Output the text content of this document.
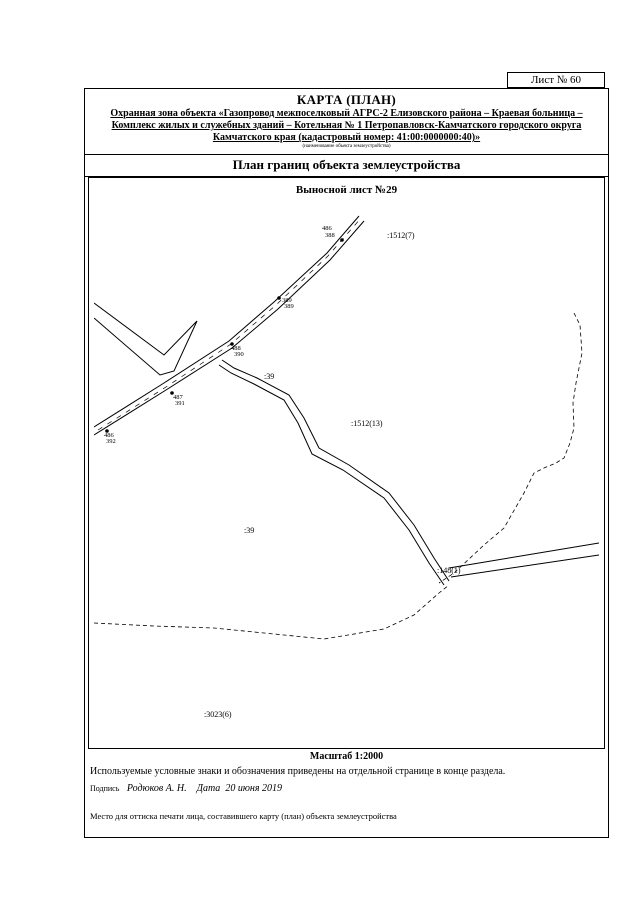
Лист № 60
КАРТА (ПЛАН)
Охранная зона объекта «Газопровод межпоселковый АГРС-2 Елизовского района – Краевая больница – Комплекс жилых и служебных зданий – Котельная № 1 Петропавловск-Камчатского городского округа Камчатского края (кадастровый номер: 41:00:0000000:40)»
(наименование объекта землеустройства)
План границ объекта землеустройства
Выносной лист №29
486
388
389
389
488
390
487
391
486
392
:1512(7)
:1512(13)
:148(1)
:3023(6)
:39
:39
Масштаб 1:2000
Используемые условные знаки и обозначения приведены на отдельной странице в конце раздела.
Подпись Родюков А. Н. Дата 20 июня 2019
Место для оттиска печати лица, составившего карту (план) объекта землеустройства
